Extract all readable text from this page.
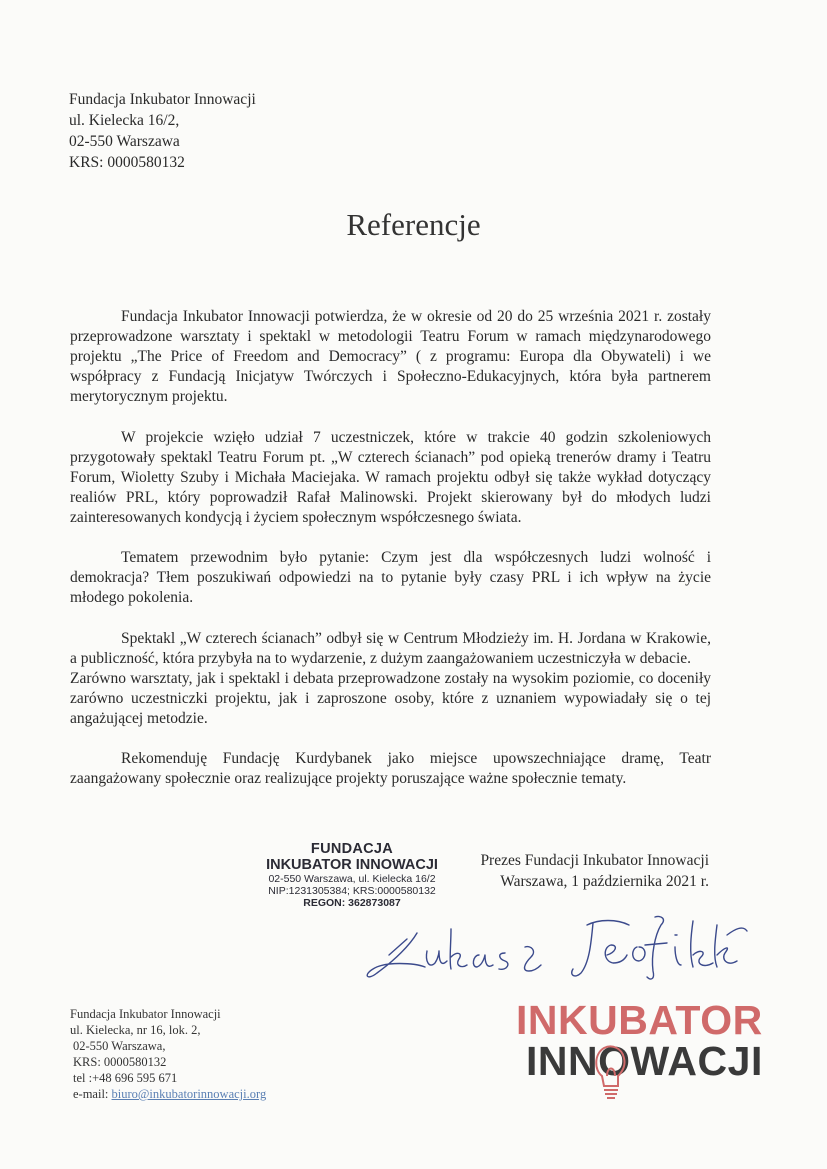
Fundacja Inkubator Innowacji
ul. Kielecka 16/2,
02-550 Warszawa
KRS: 0000580132
Referencje

Fundacja Inkubator Innowacji potwierdza, że w okresie od 20 do 25 września 2021 r. zostały przeprowadzone warsztaty i spektakl w metodologii Teatru Forum w ramach międzynarodowego projektu „The Price of Freedom and Democracy” ( z programu: Europa dla Obywateli) i we współpracy z Fundacją Inicjatyw Twórczych i Społeczno-Edukacyjnych, która była partnerem merytorycznym projektu.

W projekcie wzięło udział 7 uczestniczek, które w trakcie 40 godzin szkoleniowych przygotowały spektakl Teatru Forum pt. „W czterech ścianach” pod opieką trenerów dramy i Teatru Forum, Wioletty Szuby i Michała Maciejaka. W ramach projektu odbył się także wykład dotyczący realiów PRL, który poprowadził Rafał Malinowski. Projekt skierowany był do młodych ludzi zainteresowanych kondycją i życiem społecznym współczesnego świata.

Tematem przewodnim było pytanie: Czym jest dla współczesnych ludzi wolność i demokracja? Tłem poszukiwań odpowiedzi na to pytanie były czasy PRL i ich wpływ na życie młodego pokolenia.

Spektakl „W czterech ścianach” odbył się w Centrum Młodzieży im. H. Jordana w Krakowie, a publiczność, która przybyła na to wydarzenie, z dużym zaangażowaniem uczestniczyła w debacie.

Zarówno warsztaty, jak i spektakl i debata przeprowadzone zostały na wysokim poziomie, co doceniły zarówno uczestniczki projektu, jak i zaproszone osoby, które z uznaniem wypowiadały się o tej angażującej metodzie.

Rekomenduję Fundację Kurdybanek jako miejsce upowszechniające dramę, Teatr zaangażowany społecznie oraz realizujące projekty poruszające ważne społecznie tematy.

FUNDACJA
INKUBATOR INNOWACJI
02-550 Warszawa, ul. Kielecka 16/2
NIP:1231305384; KRS:0000580132
REGON: 362873087
Prezes Fundacji Inkubator Innowacji
Warszawa, 1 października 2021 r.
Fundacja Inkubator Innowacji
ul. Kielecka, nr 16, lok. 2,
02-550 Warszawa,
KRS: 0000580132
tel :+48 696 595 671
e-mail: biuro@inkubatorinnowacji.org
INKUBATOR
INNOWACJI
